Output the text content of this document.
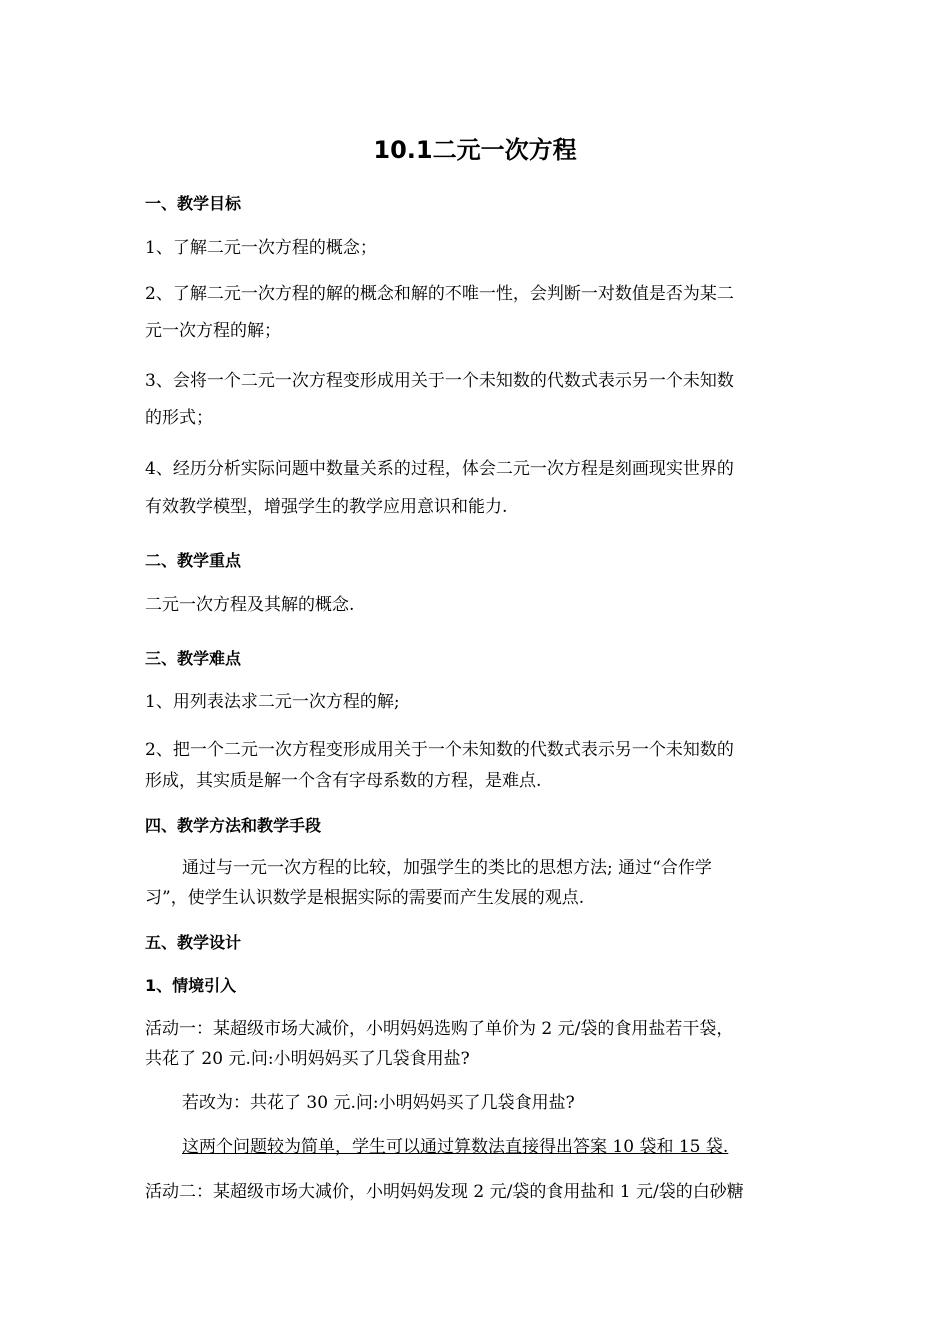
10.1二元一次方程
一、教学目标
1、了解二元一次方程的概念；
2、了解二元一次方程的解的概念和解的不唯一性，会判断一对数值是否为某二
元一次方程的解；
3、会将一个二元一次方程变形成用关于一个未知数的代数式表示另一个未知数
的形式；
4、经历分析实际问题中数量关系的过程，体会二元一次方程是刻画现实世界的
有效教学模型，增强学生的教学应用意识和能力.
二、教学重点
二元一次方程及其解的概念.
三、教学难点
1、用列表法求二元一次方程的解;
2、把一个二元一次方程变形成用关于一个未知数的代数式表示另一个未知数的
形成，其实质是解一个含有字母系数的方程，是难点.
四、教学方法和教学手段
通过与一元一次方程的比较，加强学生的类比的思想方法; 通过“合作学
习”，使学生认识数学是根据实际的需要而产生发展的观点.
五、教学设计
1、情境引入
活动一：某超级市场大减价，小明妈妈选购了单价为 2 元/袋的食用盐若干袋，
共花了 20 元.问:小明妈妈买了几袋食用盐?
若改为：共花了 30 元.问:小明妈妈买了几袋食用盐?
这两个问题较为简单，学生可以通过算数法直接得出答案 10 袋和 15 袋.
活动二：某超级市场大减价，小明妈妈发现 2 元/袋的食用盐和 1 元/袋的白砂糖
